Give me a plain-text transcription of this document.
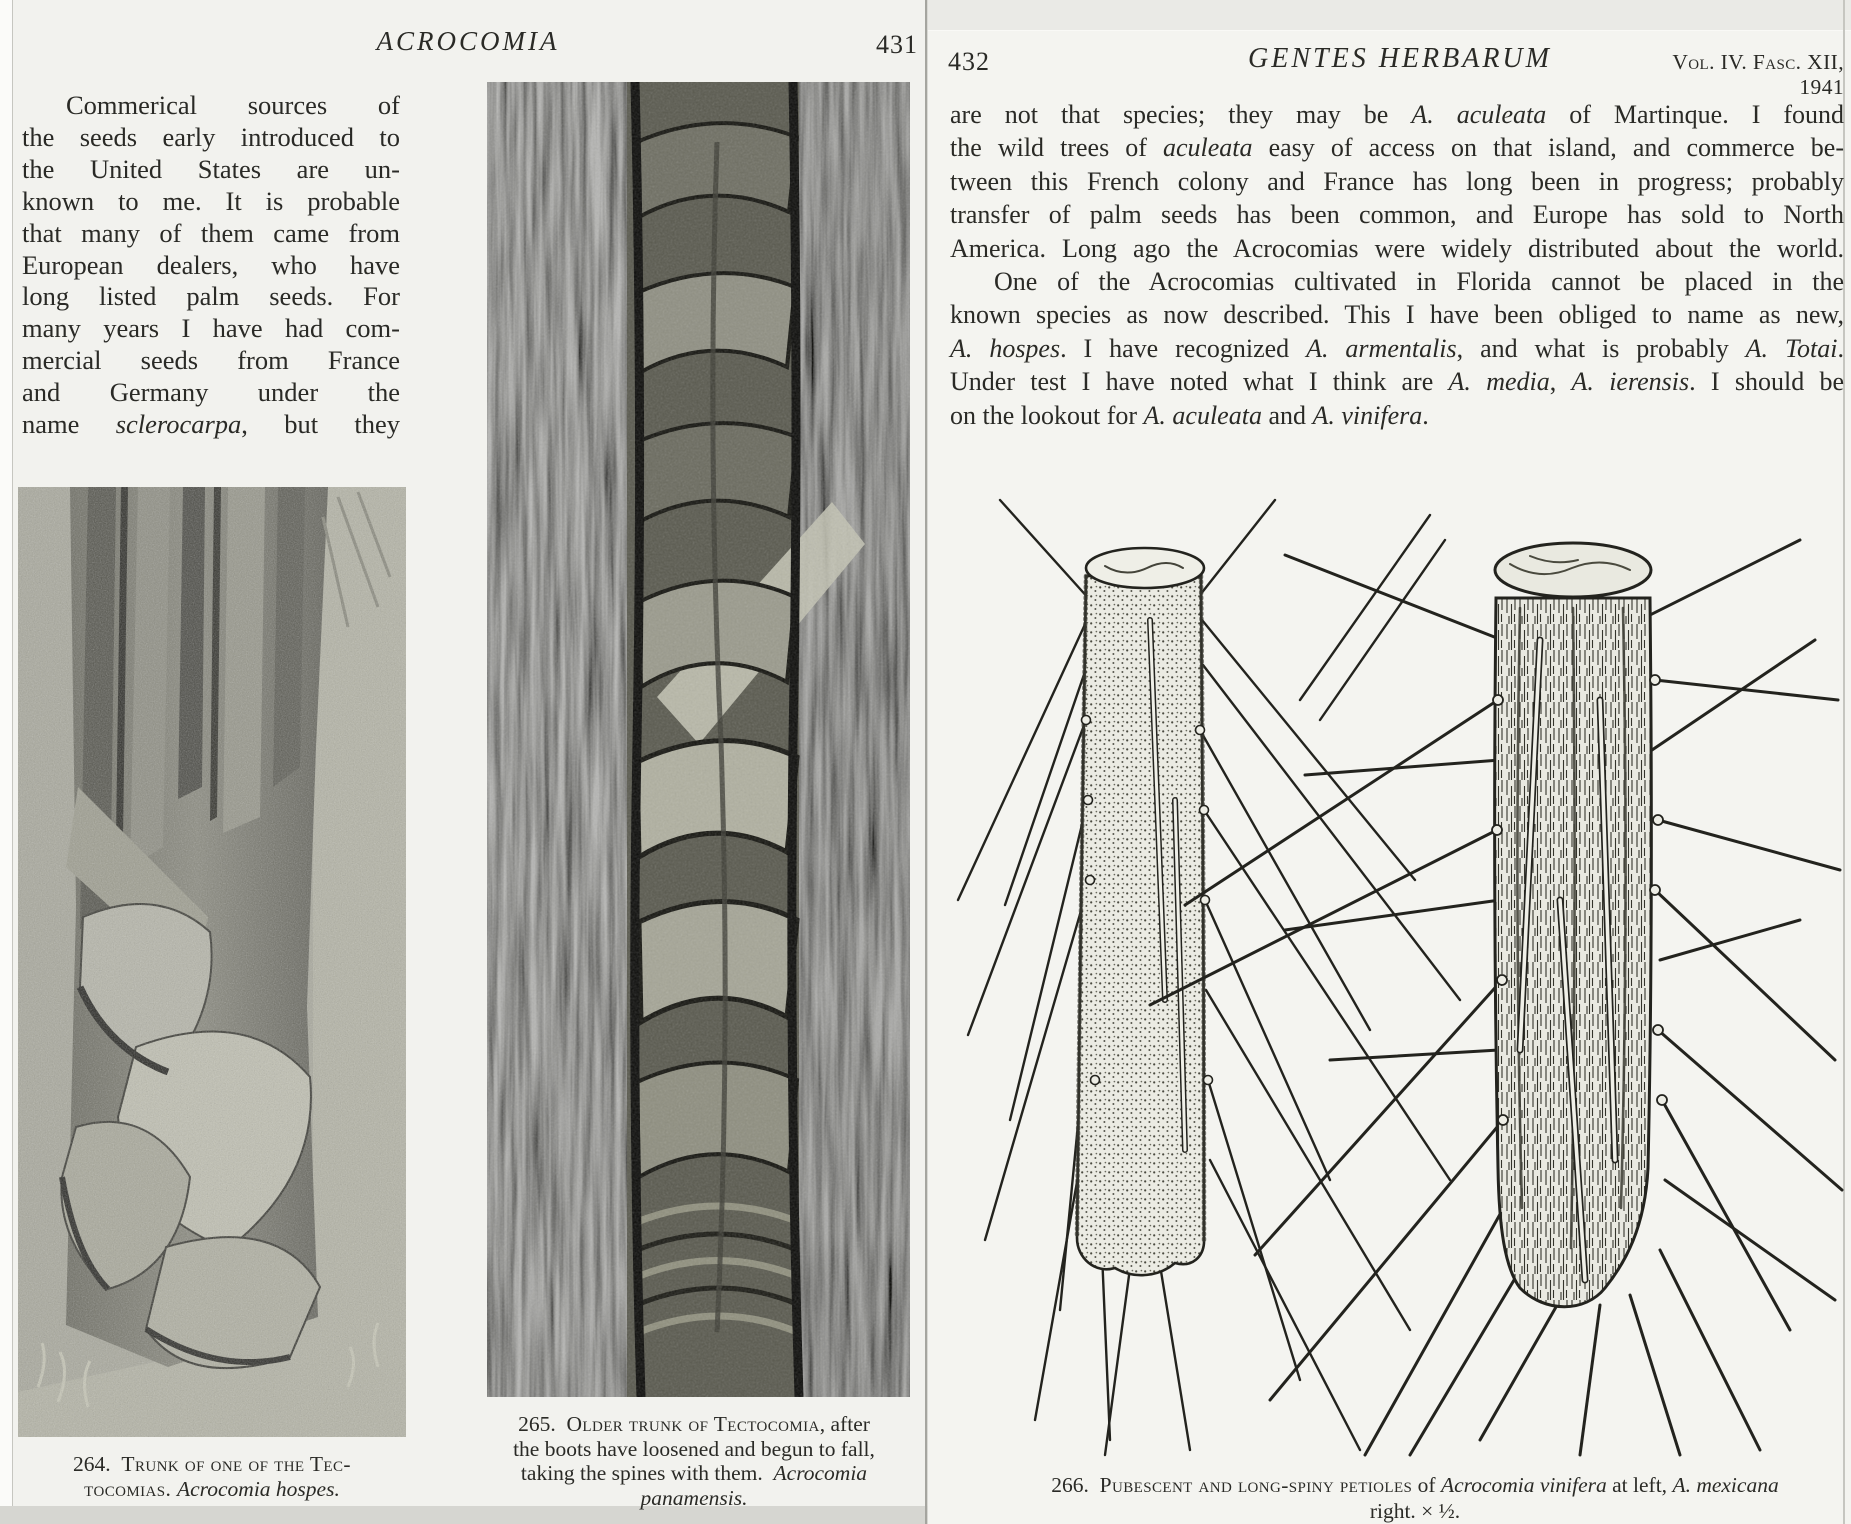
ACROCOMIA	431
Commerical sources of
the seeds early introduced to
the United States are un-
known to me. It is probable
that many of them came from
European dealers, who have
long listed palm seeds. For
many years I have had com-
mercial seeds from France
and Germany under the
name sclerocarpa, but they
264. Trunk of one of the Tec-
tocomias. Acrocomia hospes.
265. Older trunk of Tectocomia, after
the boots have loosened and begun to fall,
taking the spines with them. Acrocomia
panamensis.
432	GENTES HERBARUM	Vol. IV. Fasc. XII, 1941
are not that species; they may be A. aculeata of Martinque. I found
the wild trees of aculeata easy of access on that island, and commerce be-
tween this French colony and France has long been in progress; probably
transfer of palm seeds has been common, and Europe has sold to North
America. Long ago the Acrocomias were widely distributed about the world.
One of the Acrocomias cultivated in Florida cannot be placed in the
known species as now described. This I have been obliged to name as new,
A. hospes. I have recognized A. armentalis, and what is probably A. Totai.
Under test I have noted what I think are A. media, A. ierensis. I should be
on the lookout for A. aculeata and A. vinifera.
266. Pubescent and long-spiny petioles of Acrocomia vinifera at left, A. mexicana
right. × ½.
